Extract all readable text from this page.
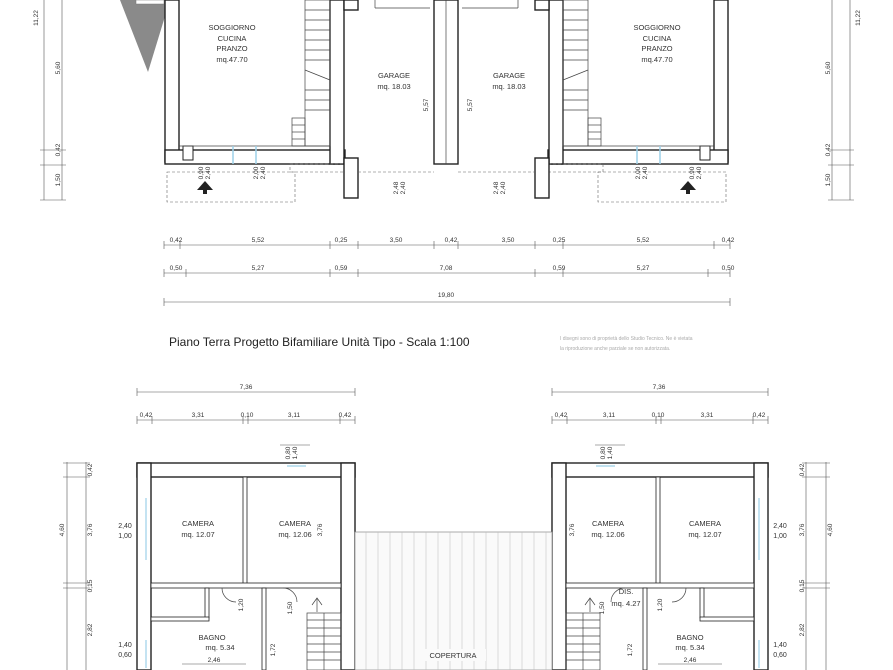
SOGGIORNO
CUCINA
PRANZO
mq.47.70
SOGGIORNO
CUCINA
PRANZO
mq.47.70
GARAGE
mq. 18.03
GARAGE
mq. 18.03
5,57	5,57
0,90 2,40	2,00 2,40
2,48 2,40	2,48 2,40
2,00 2,40	0,90 2,40
11,22
5,60
0,42
1,50
11,22
5,60
0,42
1,50
0,42	5,52	0,25	3,50	0,42	3,50	0,25	5,52	0,42
0,50	5,27	0,59	7,08	0,59	5,27	0,50
19,80
Piano Terra Progetto Bifamiliare Unità Tipo - Scala 1:100	I disegni sono di proprietà dello Studio Tecnico. Ne è vietata
la riproduzione anche parziale se non autorizzata.
7,36
0,42	3,31	0,10	3,11	0,42
7,36
0,42	3,11	0,10	3,31	0,42
CAMERA
mq. 12.07
CAMERA
mq. 12.06
BAGNO
mq. 5.34
2,46
2,40
1,00
1,40
0,60
0,80 1,40
1,20	1,50
1,72
3,76
CAMERA
mq. 12.06
CAMERA
mq. 12.07
DIS.
mq. 4.27
BAGNO
mq. 5.34
2,46
2,40
1,00
1,40
0,60
0,80 1,40
3,76
1,50	1,20
1,72
COPERTURA
0,42
4,60	3,76
0,15
2,82
0,42
4,60
3,76
0,15
2,82
